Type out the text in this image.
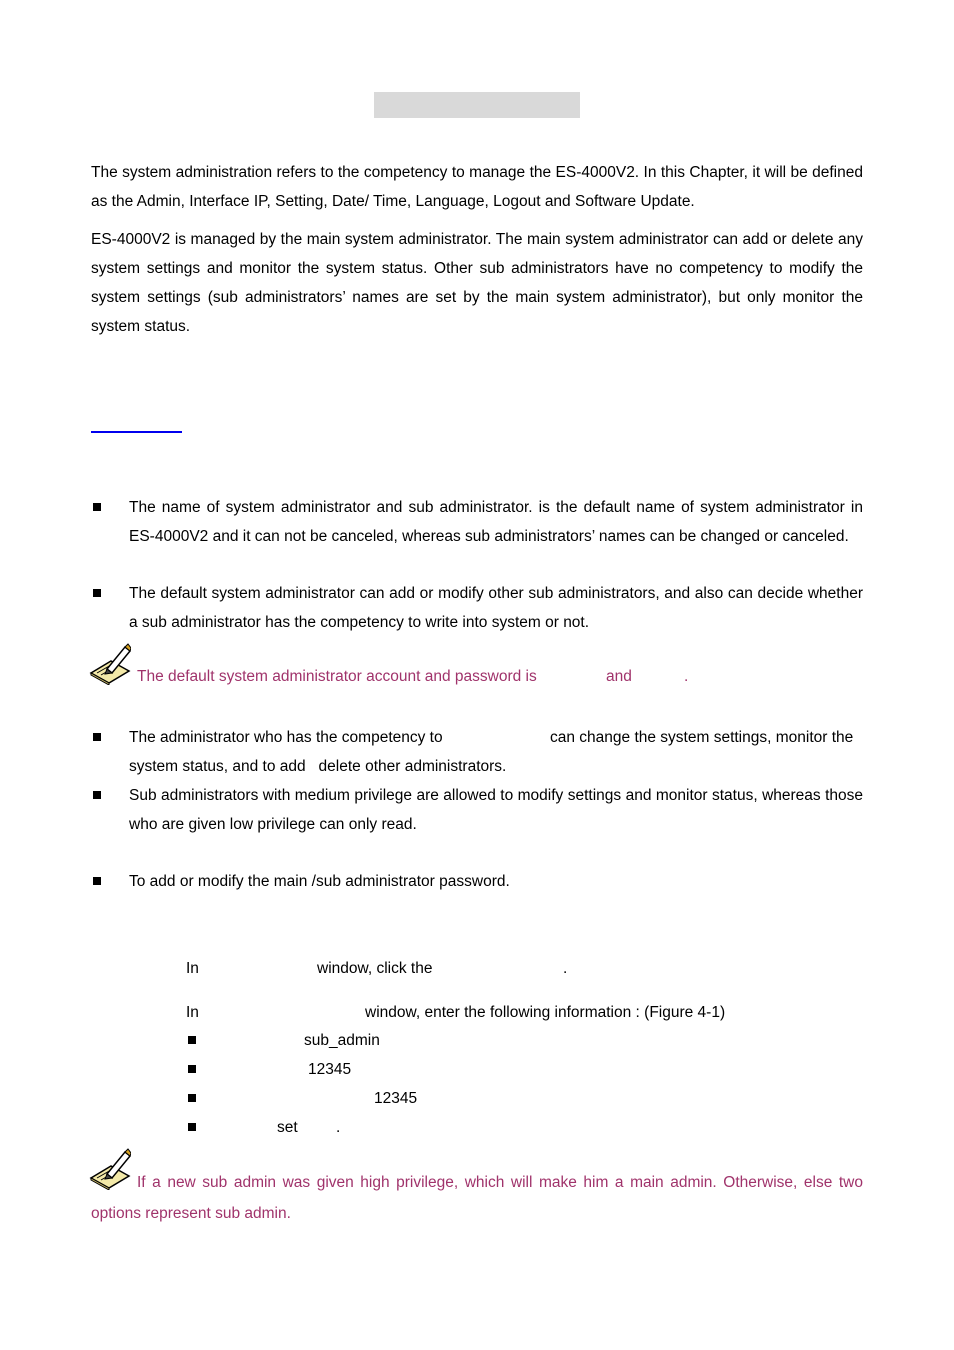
The system administration refers to the competency to manage the ES-4000V2. In this Chapter, it will be defined as the Admin, Interface IP, Setting, Date/ Time, Language, Logout and Software Update.

ES-4000V2 is managed by the main system administrator. The main system administrator can add or delete any system settings and monitor the system status. Other sub administrators have no competency to modify the system settings (sub administrators’ names are set by the main system administrator), but only monitor the system status.

The name of system administrator and sub administrator. is the default name of system administrator in ES-4000V2 and it can not be canceled, whereas sub administrators’ names can be changed or canceled.

The default system administrator can add or modify other sub administrators, and also can decide whether a sub administrator has the competency to write into system or not.

The default system administrator account and password is	and	.
The administrator who has the competency to	can change the system settings, monitor the
system status, and to add   delete other administrators.

Sub administrators with medium privilege are allowed to modify settings and monitor status, whereas those who are given low privilege can only read.

To add or modify the main /sub administrator password.
In	window, click the	.
In	window, enter the following information : (Figure 4-1)
sub_admin
12345
12345
set .

If a new sub admin was given high privilege, which will make him a main admin. Otherwise, else two options represent sub admin.
